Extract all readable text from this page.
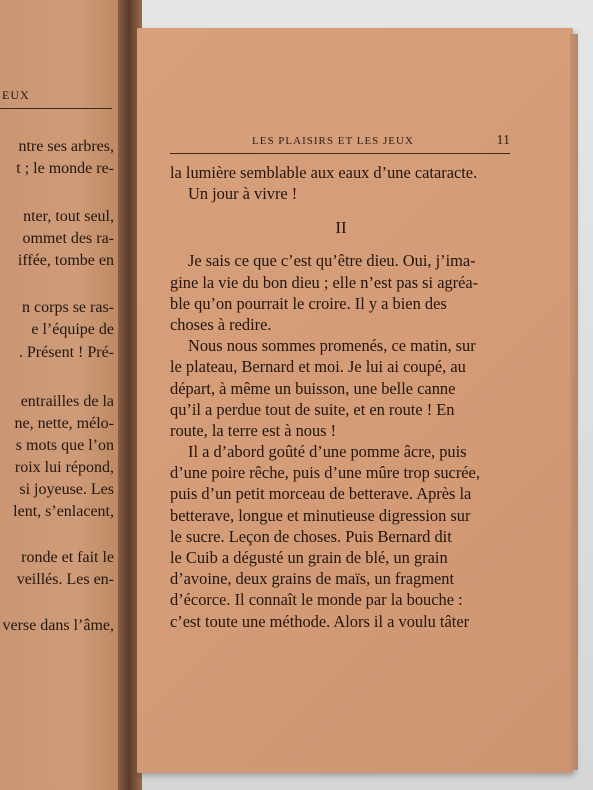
EUX
ntre ses arbres,
t ; le monde re-
nter, tout seul,
ommet des ra-
iffée, tombe en
n corps se ras-
e l’équipe de
. Présent ! Pré-
entrailles de la
ne, nette, mélo-
s mots que l’on
roix lui répond,
si joyeuse. Les
lent, s’enlacent,
ronde et fait le
veillés. Les en-
verse dans l’âme,
LES PLAISIRS ET LES JEUX	11
la lumière semblable aux eaux d’une cataracte.
Un jour à vivre !
II
Je sais ce que c’est qu’être dieu. Oui, j’ima-
gine la vie du bon dieu ; elle n’est pas si agréa-
ble qu’on pourrait le croire. Il y a bien des
choses à redire.
Nous nous sommes promenés, ce matin, sur
le plateau, Bernard et moi. Je lui ai coupé, au
départ, à même un buisson, une belle canne
qu’il a perdue tout de suite, et en route ! En
route, la terre est à nous !
Il a d’abord goûté d’une pomme âcre, puis
d’une poire rêche, puis d’une mûre trop sucrée,
puis d’un petit morceau de betterave. Après la
betterave, longue et minutieuse digression sur
le sucre. Leçon de choses. Puis Bernard dit
le Cuib a dégusté un grain de blé, un grain
d’avoine, deux grains de maïs, un fragment
d’écorce. Il connaît le monde par la bouche :
c’est toute une méthode. Alors il a voulu tâter
